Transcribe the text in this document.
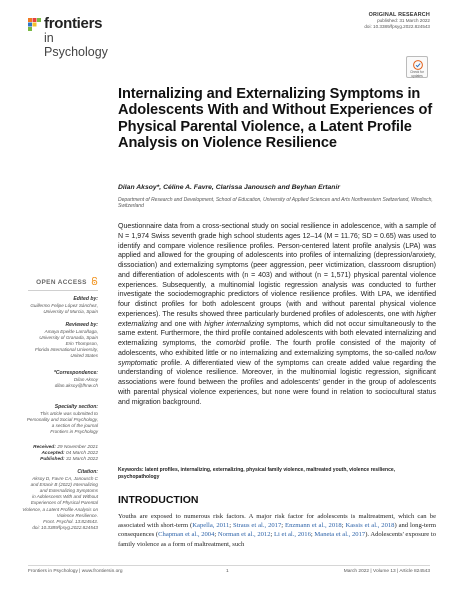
frontiers
in Psychology
ORIGINAL RESEARCH
published: 31 March 2022
doi: 10.3389/fpsyg.2022.824543
Check for updates
Internalizing and Externalizing Symptoms in Adolescents With and Without Experiences of Physical Parental Violence, a Latent Profile Analysis on Violence Resilience
Dilan Aksoy*, Céline A. Favre, Clarissa Janousch and Beyhan Ertanir
Department of Research and Development, School of Education, University of Applied Sciences and Arts Northwestern Switzerland, Windisch, Switzerland
Questionnaire data from a cross-sectional study on social resilience in adolescence, with a sample of N = 1,974 Swiss seventh grade high school students ages 12–14 (M = 11.76; SD = 0.65) was used to identify and compare violence resilience profiles. Person-centered latent profile analysis (LPA) was applied and allowed for the grouping of adolescents into profiles of internalizing (depression/anxiety, dissociation) and externalizing symptoms (peer aggression, peer victimization, classroom disruption) and differentiation of adolescents with (n = 403) and without (n = 1,571) physical parental violence experiences. Subsequently, a multinomial logistic regression analysis was conducted to further investigate the sociodemographic predictors of violence resilience profiles. With LPA, we identified four distinct profiles for both adolescent groups (with and without parental physical violence experiences). The results showed three particularly burdened profiles of adolescents, one with higher externalizing and one with higher internalizing symptoms, which did not occur simultaneously to the same extent. Furthermore, the third profile contained adolescents with both elevated internalizing and externalizing symptoms, the comorbid profile. The fourth profile consisted of the majority of adolescents, who exhibited little or no internalizing and externalizing symptoms, the so-called no/low symptomatic profile. A differentiated view of the symptoms can create added value regarding the understanding of violence resilience. Moreover, in the multinomial logistic regression, significant associations were found between the profiles and adolescents' gender in the group of adolescents with parental physical violence experiences, but none were found in relation to sociocultural status and migration background.
Keywords: latent profiles, internalizing, externalizing, physical family violence, maltreated youth, violence resilience, psychopathology
INTRODUCTION
Youths are exposed to numerous risk factors. A major risk factor for adolescents is maltreatment, which can be associated with short-term (Kapella, 2011; Straus et al., 2017; Enzmann et al., 2018; Kassis et al., 2018) and long-term consequences (Chapman et al., 2004; Norman et al., 2012; Li et al., 2016; Maneta et al., 2017). Adolescents' exposure to family violence as a form of maltreatment, such
OPEN ACCESS
Edited by:
Guillermo Felipe López Sánchez,
University of Murcia, Spain
Reviewed by:
Amaya Epelde Larrañaga,
University of Granada, Spain
Erin Thompson,
Florida International University,
United States
*Correspondence:
Dilan Aksoy
dilan.aksoy@fhnw.ch
Specialty section:
This article was submitted to
Personality and Social Psychology,
a section of the journal
Frontiers in Psychology
Received: 29 November 2021
Accepted: 04 March 2022
Published: 31 March 2022
Citation:
Aksoy D, Favre CA, Janousch C
and Ertanir B (2022) Internalizing
and Externalizing Symptoms
in Adolescents With and Without
Experiences of Physical Parental
Violence, a Latent Profile Analysis on
Violence Resilience.
Front. Psychol. 13:824543.
doi: 10.3389/fpsyg.2022.824543
Frontiers in Psychology | www.frontiersin.org	1	March 2022 | Volume 13 | Article 824543
